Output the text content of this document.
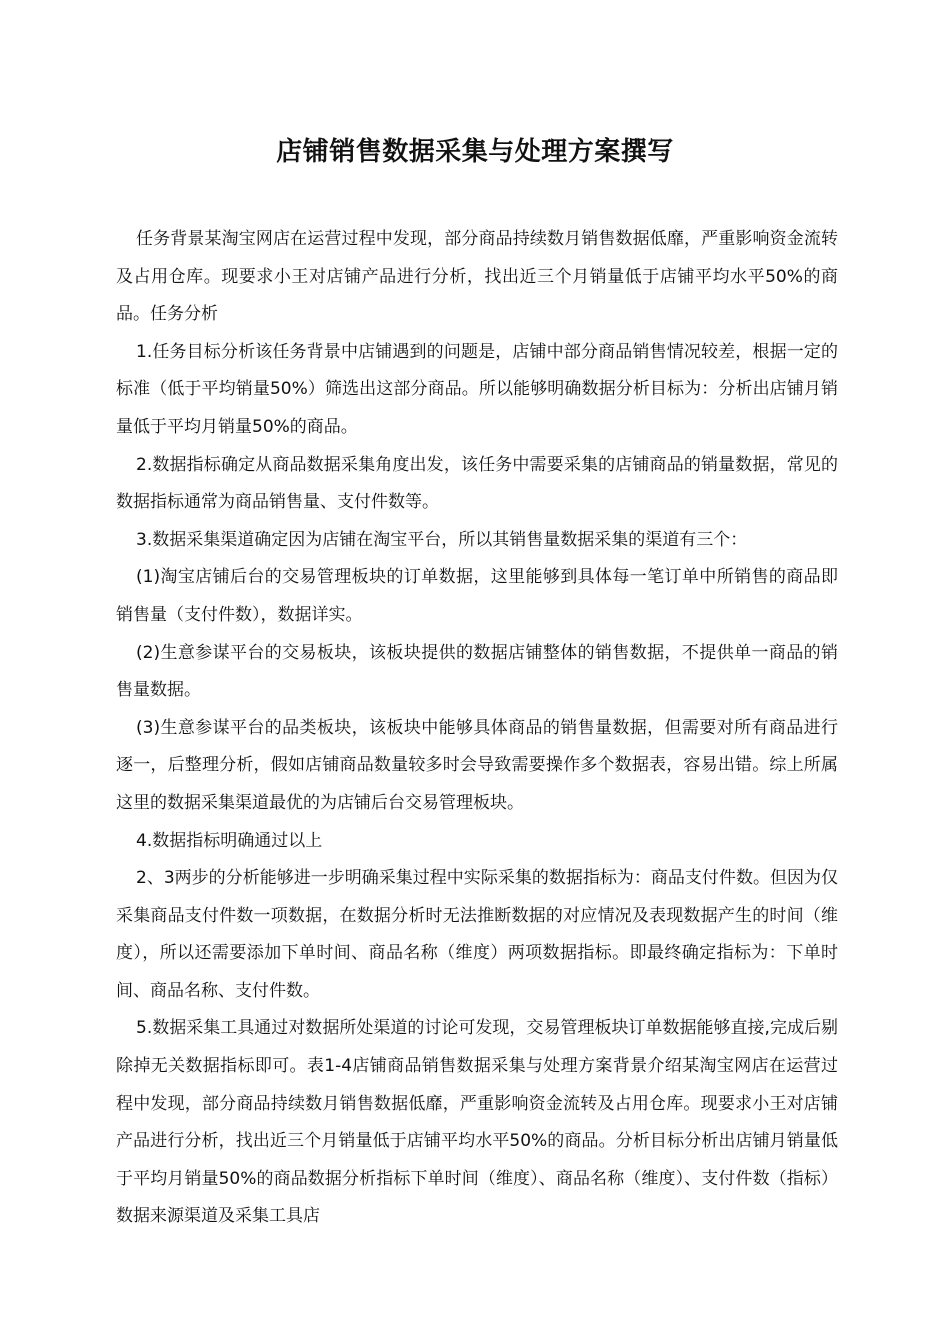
店铺销售数据采集与处理方案撰写

任务背景某淘宝网店在运营过程中发现，部分商品持续数月销售数据低靡，严重影响资金流转及占用仓库。现要求小王对店铺产品进行分析，找出近三个月销量低于店铺平均水平50%的商品。任务分析

1.任务目标分析该任务背景中店铺遇到的问题是，店铺中部分商品销售情况较差，根据一定的标准（低于平均销量50%）筛选出这部分商品。所以能够明确数据分析目标为：分析出店铺月销量低于平均月销量50%的商品。

2.数据指标确定从商品数据采集角度出发，该任务中需要采集的店铺商品的销量数据，常见的数据指标通常为商品销售量、支付件数等。

3.数据采集渠道确定因为店铺在淘宝平台，所以其销售量数据采集的渠道有三个：

(1)淘宝店铺后台的交易管理板块的订单数据，这里能够到具体每一笔订单中所销售的商品即销售量（支付件数），数据详实。

(2)生意参谋平台的交易板块，该板块提供的数据店铺整体的销售数据，不提供单一商品的销售量数据。

(3)生意参谋平台的品类板块，该板块中能够具体商品的销售量数据，但需要对所有商品进行逐一，后整理分析，假如店铺商品数量较多时会导致需要操作多个数据表，容易出错。综上所属这里的数据采集渠道最优的为店铺后台交易管理板块。

4.数据指标明确通过以上

2、3两步的分析能够进一步明确采集过程中实际采集的数据指标为：商品支付件数。但因为仅采集商品支付件数一项数据，在数据分析时无法推断数据的对应情况及表现数据产生的时间（维度），所以还需要添加下单时间、商品名称（维度）两项数据指标。即最终确定指标为：下单时间、商品名称、支付件数。

5.数据采集工具通过对数据所处渠道的讨论可发现，交易管理板块订单数据能够直接,完成后剔除掉无关数据指标即可。表1-4店铺商品销售数据采集与处理方案背景介绍某淘宝网店在运营过程中发现，部分商品持续数月销售数据低靡，严重影响资金流转及占用仓库。现要求小王对店铺产品进行分析，找出近三个月销量低于店铺平均水平50%的商品。分析目标分析出店铺月销量低于平均月销量50%的商品数据分析指标下单时间（维度）、商品名称（维度）、支付件数（指标）数据来源渠道及采集工具店
